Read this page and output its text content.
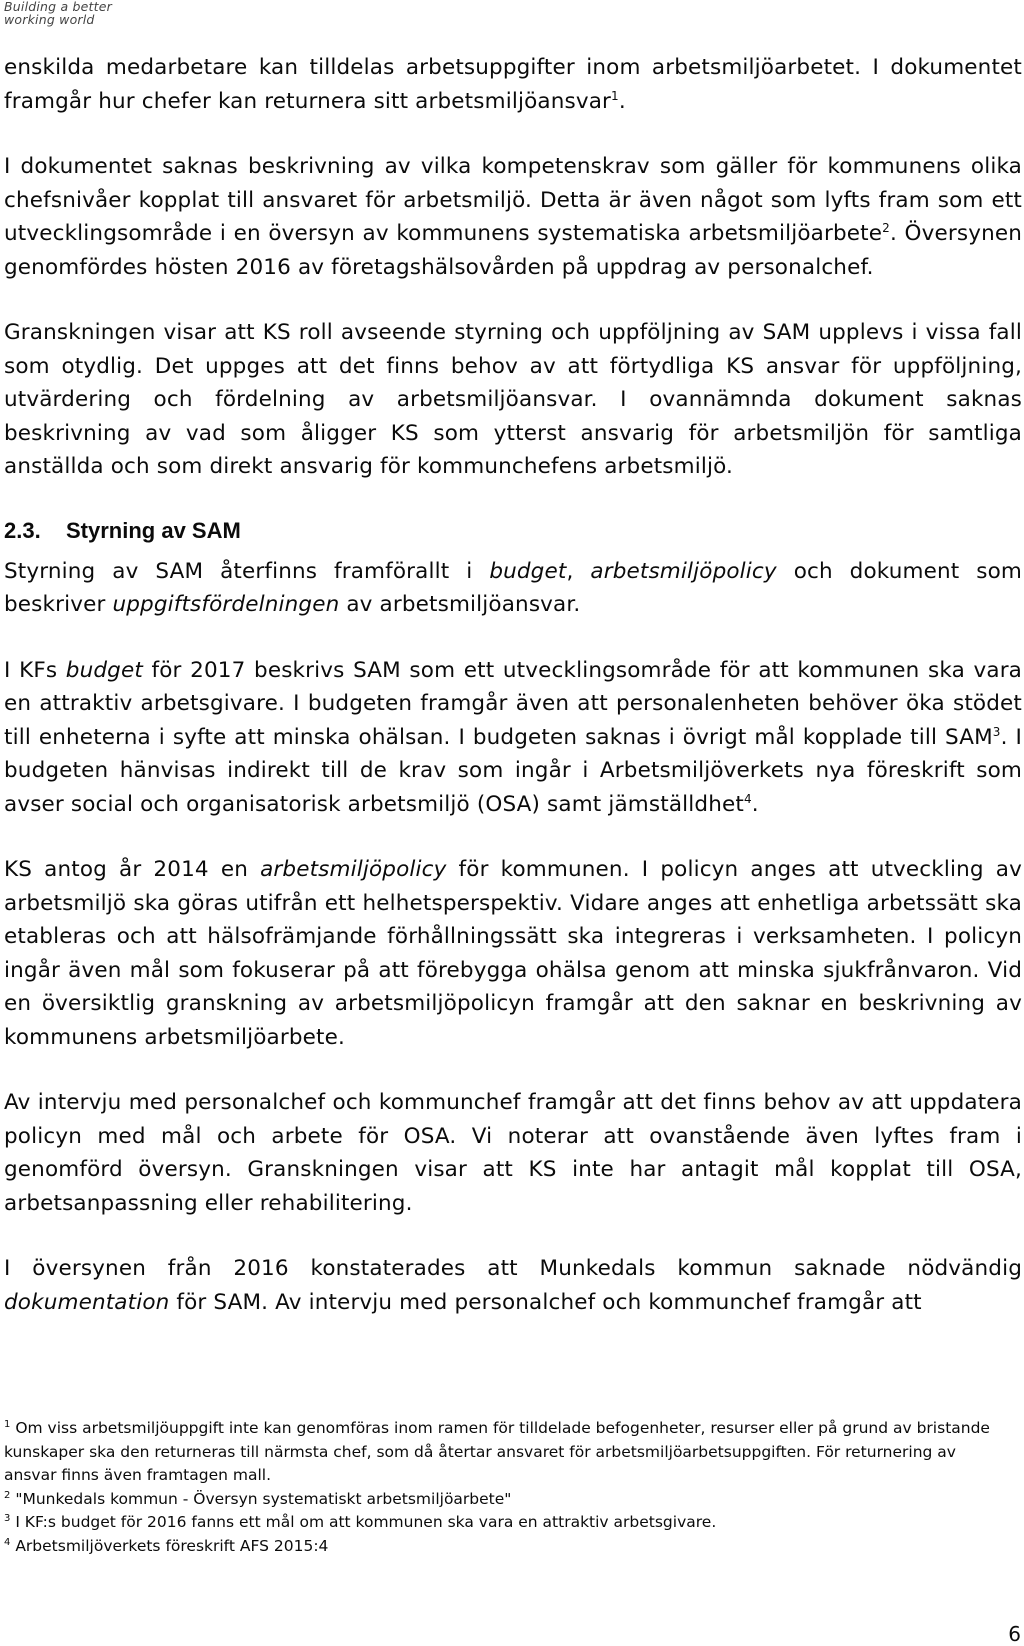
Building a better
working world

enskilda medarbetare kan tilldelas arbetsuppgifter inom arbetsmiljöarbetet. I dokumentet framgår hur chefer kan returnera sitt arbetsmiljöansvar$^1$.

I dokumentet saknas beskrivning av vilka kompetenskrav som gäller för kommunens olika chefsnivåer kopplat till ansvaret för arbetsmiljö. Detta är även något som lyfts fram som ett utvecklingsområde i en översyn av kommunens systematiska arbetsmiljöarbete$^2$. Översynen genomfördes hösten 2016 av företagshälsovården på uppdrag av personalchef.

Granskningen visar att KS roll avseende styrning och uppföljning av SAM upplevs i vissa fall som otydlig. Det uppges att det finns behov av att förtydliga KS ansvar för uppföljning, utvärdering och fördelning av arbetsmiljöansvar. I ovannämnda dokument saknas beskrivning av vad som åligger KS som ytterst ansvarig för arbetsmiljön för samtliga anställda och som direkt ansvarig för kommunchefens arbetsmiljö.

2.3. Styrning av SAM

Styrning av SAM återfinns framförallt i budget, arbetsmiljöpolicy och dokument som beskriver uppgiftsfördelningen av arbetsmiljöansvar.

I KFs budget för 2017 beskrivs SAM som ett utvecklingsområde för att kommunen ska vara en attraktiv arbetsgivare. I budgeten framgår även att personalenheten behöver öka stödet till enheterna i syfte att minska ohälsan. I budgeten saknas i övrigt mål kopplade till SAM$^3$. I budgeten hänvisas indirekt till de krav som ingår i Arbetsmiljöverkets nya föreskrift som avser social och organisatorisk arbetsmiljö (OSA) samt jämställdhet$^4$.

KS antog år 2014 en arbetsmiljöpolicy för kommunen. I policyn anges att utveckling av arbetsmiljö ska göras utifrån ett helhetsperspektiv. Vidare anges att enhetliga arbetssätt ska etableras och att hälsofrämjande förhållningssätt ska integreras i verksamheten. I policyn ingår även mål som fokuserar på att förebygga ohälsa genom att minska sjukfrånvaron. Vid en översiktlig granskning av arbetsmiljöpolicyn framgår att den saknar en beskrivning av kommunens arbetsmiljöarbete.

Av intervju med personalchef och kommunchef framgår att det finns behov av att uppdatera policyn med mål och arbete för OSA. Vi noterar att ovanstående även lyftes fram i genomförd översyn. Granskningen visar att KS inte har antagit mål kopplat till OSA, arbetsanpassning eller rehabilitering.

I översynen från 2016 konstaterades att Munkedals kommun saknade nödvändig dokumentation för SAM. Av intervju med personalchef och kommunchef framgår att

$^1$ Om viss arbetsmiljöuppgift inte kan genomföras inom ramen för tilldelade befogenheter, resurser eller på grund av bristande kunskaper ska den returneras till närmsta chef, som då återtar ansvaret för arbetsmiljöarbetsuppgiften. För returnering av ansvar finns även framtagen mall.

$^2$ "Munkedals kommun - Översyn systematiskt arbetsmiljöarbete"

$^3$ I KF:s budget för 2016 fanns ett mål om att kommunen ska vara en attraktiv arbetsgivare.

$^4$ Arbetsmiljöverkets föreskrift AFS 2015:4

6
